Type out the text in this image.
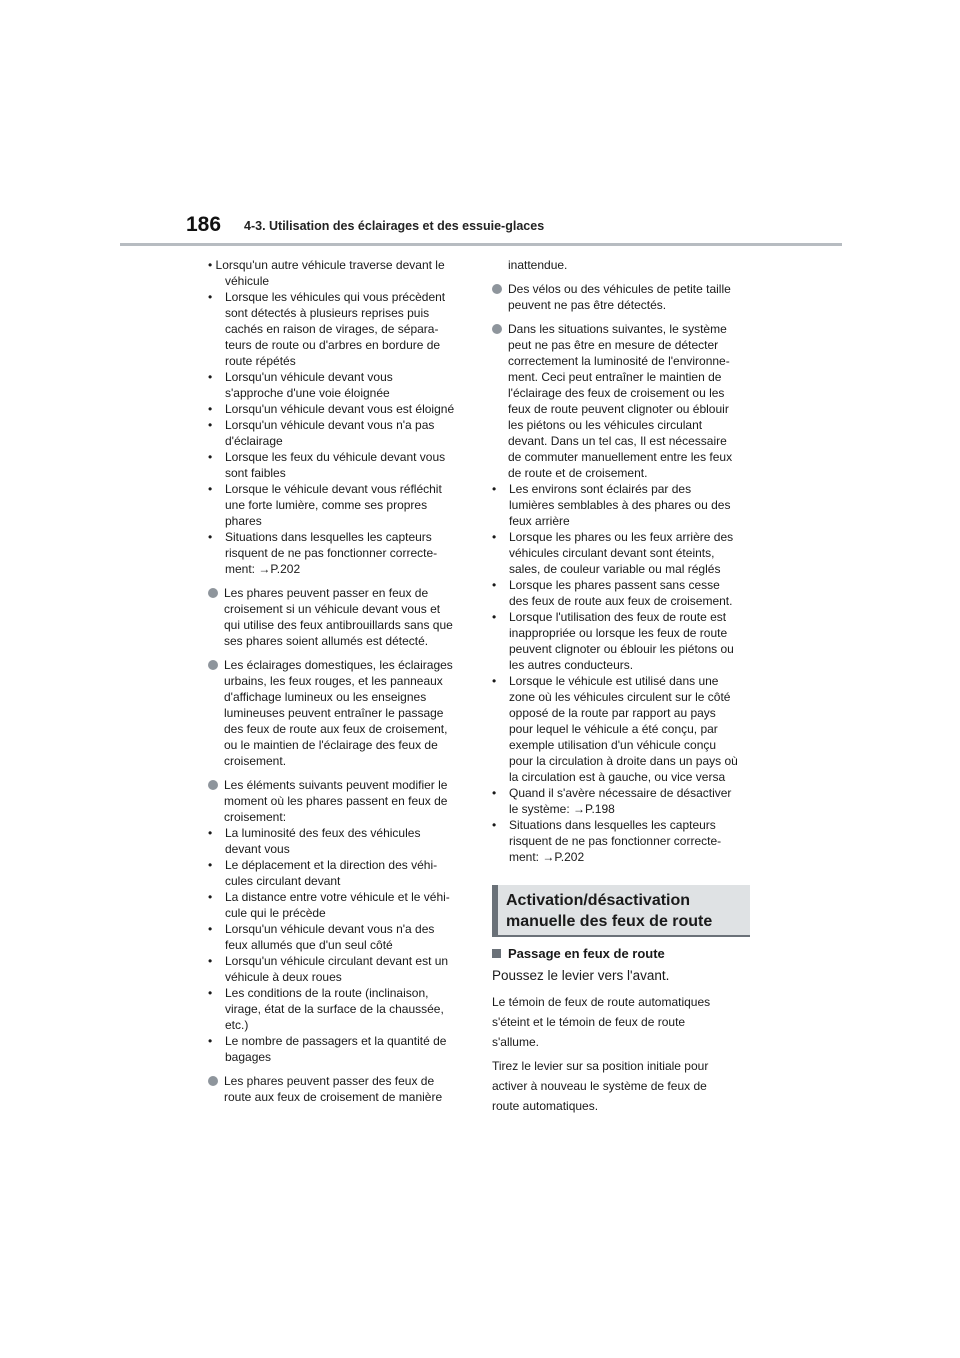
186 4-3. Utilisation des éclairages et des essuie-glaces
• Lorsqu'un autre véhicule traverse devant le
véhicule
• Lorsque les véhicules qui vous précèdent
sont détectés à plusieurs reprises puis
cachés en raison de virages, de sépara-
teurs de route ou d'arbres en bordure de
route répétés
• Lorsqu'un véhicule devant vous
s'approche d'une voie éloignée
• Lorsqu'un véhicule devant vous est éloigné
• Lorsqu'un véhicule devant vous n'a pas
d'éclairage
• Lorsque les feux du véhicule devant vous
sont faibles
• Lorsque le véhicule devant vous réfléchit
une forte lumière, comme ses propres
phares
• Situations dans lesquelles les capteurs
risquent de ne pas fonctionner correcte-
ment: →P.202
Les phares peuvent passer en feux de
croisement si un véhicule devant vous et
qui utilise des feux antibrouillards sans que
ses phares soient allumés est détecté.
Les éclairages domestiques, les éclairages
urbains, les feux rouges, et les panneaux
d'affichage lumineux ou les enseignes
lumineuses peuvent entraîner le passage
des feux de route aux feux de croisement,
ou le maintien de l'éclairage des feux de
croisement.
Les éléments suivants peuvent modifier le
moment où les phares passent en feux de
croisement:
• La luminosité des feux des véhicules
devant vous
• Le déplacement et la direction des véhi-
cules circulant devant
• La distance entre votre véhicule et le véhi-
cule qui le précède
• Lorsqu'un véhicule devant vous n'a des
feux allumés que d'un seul côté
• Lorsqu'un véhicule circulant devant est un
véhicule à deux roues
• Les conditions de la route (inclinaison,
virage, état de la surface de la chaussée,
etc.)
• Le nombre de passagers et la quantité de
bagages
Les phares peuvent passer des feux de
route aux feux de croisement de manière
inattendue.
Des vélos ou des véhicules de petite taille
peuvent ne pas être détectés.
Dans les situations suivantes, le système
peut ne pas être en mesure de détecter
correctement la luminosité de l'environne-
ment. Ceci peut entraîner le maintien de
l'éclairage des feux de croisement ou les
feux de route peuvent clignoter ou éblouir
les piétons ou les véhicules circulant
devant. Dans un tel cas, Il est nécessaire
de commuter manuellement entre les feux
de route et de croisement.
• Les environs sont éclairés par des
lumières semblables à des phares ou des
feux arrière
• Lorsque les phares ou les feux arrière des
véhicules circulant devant sont éteints,
sales, de couleur variable ou mal réglés
• Lorsque les phares passent sans cesse
des feux de route aux feux de croisement.
• Lorsque l'utilisation des feux de route est
inappropriée ou lorsque les feux de route
peuvent clignoter ou éblouir les piétons ou
les autres conducteurs.
• Lorsque le véhicule est utilisé dans une
zone où les véhicules circulent sur le côté
opposé de la route par rapport au pays
pour lequel le véhicule a été conçu, par
exemple utilisation d'un véhicule conçu
pour la circulation à droite dans un pays où
la circulation est à gauche, ou vice versa
• Quand il s'avère nécessaire de désactiver
le système: →P.198
• Situations dans lesquelles les capteurs
risquent de ne pas fonctionner correcte-
ment: →P.202
Activation/désactivation
manuelle des feux de route
Passage en feux de route
Poussez le levier vers l'avant.
Le témoin de feux de route automatiques
s'éteint et le témoin de feux de route
s'allume.
Tirez le levier sur sa position initiale pour
activer à nouveau le système de feux de
route automatiques.
